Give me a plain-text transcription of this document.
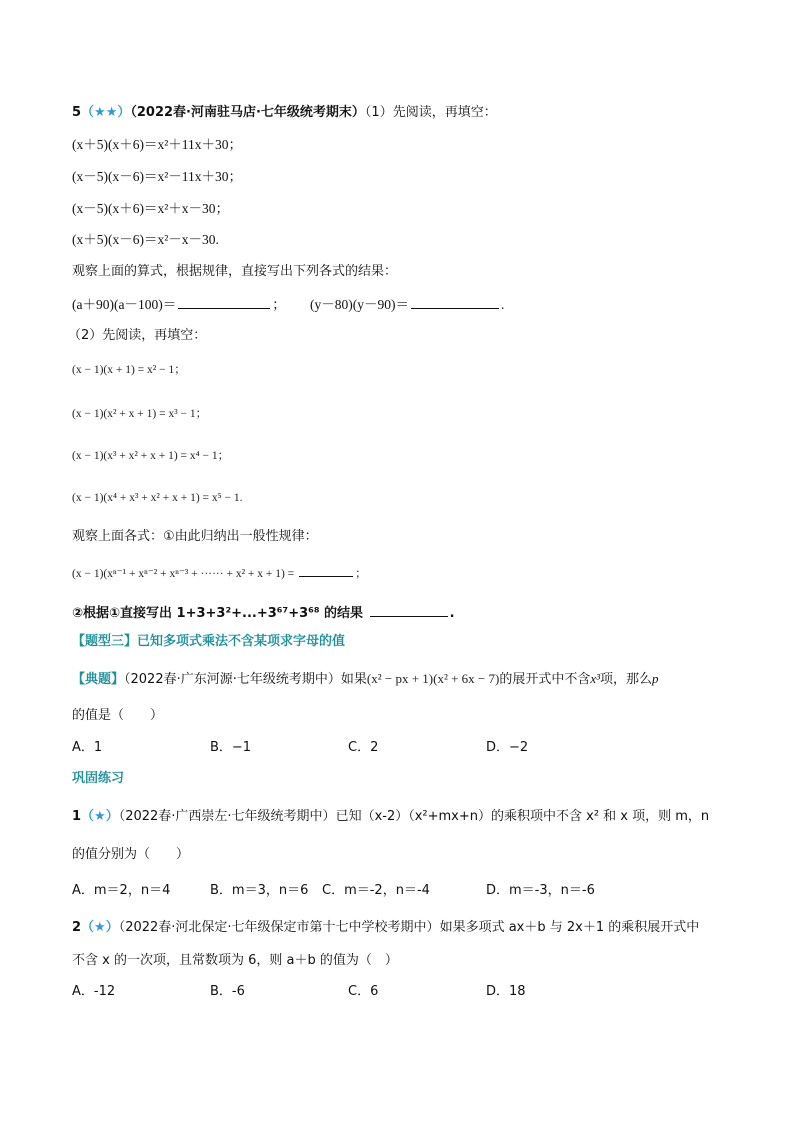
5（★★）（2022春·河南驻马店·七年级统考期末）（1）先阅读，再填空：
(x＋5)(x＋6)＝x²＋11x＋30；
(x－5)(x－6)＝x²－11x＋30；
(x－5)(x＋6)＝x²＋x－30；
(x＋5)(x－6)＝x²－x－30.
观察上面的算式，根据规律，直接写出下列各式的结果：
(a＋90)(a－100)＝	； (y－80)(y－90)＝	.
（2）先阅读，再填空：
(x − 1)(x + 1) = x² − 1；
(x − 1)(x² + x + 1) = x³ − 1；
(x − 1)(x³ + x² + x + 1) = x⁴ − 1；
(x − 1)(x⁴ + x³ + x² + x + 1) = x⁵ − 1.
观察上面各式：①由此归纳出一般性规律：
(x − 1)(xⁿ⁻¹ + xⁿ⁻² + xⁿ⁻³ + ······ + x² + x + 1) =	；
②根据①直接写出 1+3+3²+...+3⁶⁷+3⁶⁸ 的结果	.
【题型三】已知多项式乘法不含某项求字母的值
【典题】（2022春·广东河源·七年级统考期中）如果(x² − px + 1)(x² + 6x − 7)的展开式中不含x³项，那么p
的值是（　　）
A．1	B．−1	C．2	D．−2
巩固练习
1（★）（2022春·广西崇左·七年级统考期中）已知（x-2）（x²+mx+n）的乘积项中不含 x² 和 x 项，则 m，n
的值分别为（　　）
A．m＝2，n＝4	B．m＝3，n＝6 C．m＝-2，n＝-4	D．m＝-3，n＝-6
2（★）（2022春·河北保定·七年级保定市第十七中学校考期中）如果多项式 ax＋b 与 2x＋1 的乘积展开式中
不含 x 的一次项，且常数项为 6，则 a＋b 的值为（　）
A．-12	B．-6	C．6	D．18
